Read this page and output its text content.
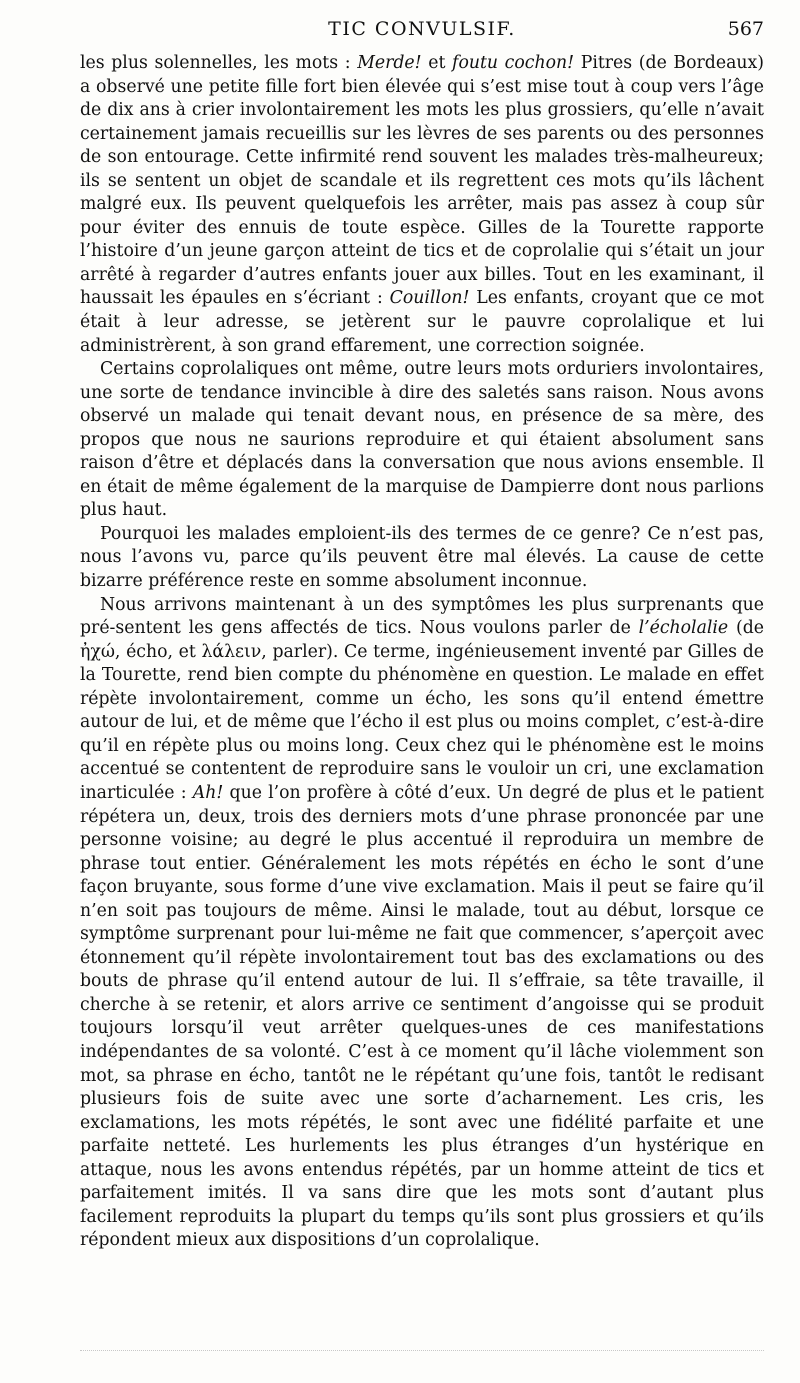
TIC CONVULSIF.	567

les plus solennelles, les mots : Merde! et foutu cochon! Pitres (de Bordeaux) a observé une petite fille fort bien élevée qui s’est mise tout à coup vers l’âge de dix ans à crier involontairement les mots les plus grossiers, qu’elle n’avait certainement jamais recueillis sur les lèvres de ses parents ou des personnes de son entourage. Cette infirmité rend souvent les malades très-malheureux; ils se sentent un objet de scandale et ils regrettent ces mots qu’ils lâchent malgré eux. Ils peuvent quelquefois les arrêter, mais pas assez à coup sûr pour éviter des ennuis de toute espèce. Gilles de la Tourette rapporte l’histoire d’un jeune garçon atteint de tics et de coprolalie qui s’était un jour arrêté à regarder d’autres enfants jouer aux billes. Tout en les examinant, il haussait les épaules en s’écriant : Couillon! Les enfants, croyant que ce mot était à leur adresse, se jetèrent sur le pauvre coprolalique et lui administrèrent, à son grand effarement, une correction soignée.

Certains coprolaliques ont même, outre leurs mots orduriers involontaires, une sorte de tendance invincible à dire des saletés sans raison. Nous avons observé un malade qui tenait devant nous, en présence de sa mère, des propos que nous ne saurions reproduire et qui étaient absolument sans raison d’être et déplacés dans la conversation que nous avions ensemble. Il en était de même également de la marquise de Dampierre dont nous parlions plus haut.

Pourquoi les malades emploient-ils des termes de ce genre? Ce n’est pas, nous l’avons vu, parce qu’ils peuvent être mal élevés. La cause de cette bizarre préférence reste en somme absolument inconnue.

Nous arrivons maintenant à un des symptômes les plus surprenants que pré-sentent les gens affectés de tics. Nous voulons parler de l’écholalie (de ἠχώ, écho, et λάλειν, parler). Ce terme, ingénieusement inventé par Gilles de la Tourette, rend bien compte du phénomène en question. Le malade en effet répète involontairement, comme un écho, les sons qu’il entend émettre autour de lui, et de même que l’écho il est plus ou moins complet, c’est-à-dire qu’il en répète plus ou moins long. Ceux chez qui le phénomène est le moins accentué se contentent de reproduire sans le vouloir un cri, une exclamation inarticulée : Ah! que l’on profère à côté d’eux. Un degré de plus et le patient répétera un, deux, trois des derniers mots d’une phrase prononcée par une personne voisine; au degré le plus accentué il reproduira un membre de phrase tout entier. Généralement les mots répétés en écho le sont d’une façon bruyante, sous forme d’une vive exclamation. Mais il peut se faire qu’il n’en soit pas toujours de même. Ainsi le malade, tout au début, lorsque ce symptôme surprenant pour lui-même ne fait que commencer, s’aperçoit avec étonnement qu’il répète involontairement tout bas des exclamations ou des bouts de phrase qu’il entend autour de lui. Il s’effraie, sa tête travaille, il cherche à se retenir, et alors arrive ce sentiment d’angoisse qui se produit toujours lorsqu’il veut arrêter quelques-unes de ces manifestations indépendantes de sa volonté. C’est à ce moment qu’il lâche violemment son mot, sa phrase en écho, tantôt ne le répétant qu’une fois, tantôt le redisant plusieurs fois de suite avec une sorte d’acharnement. Les cris, les exclamations, les mots répétés, le sont avec une fidélité parfaite et une parfaite netteté. Les hurlements les plus étranges d’un hystérique en attaque, nous les avons entendus répétés, par un homme atteint de tics et parfaitement imités. Il va sans dire que les mots sont d’autant plus facilement reproduits la plupart du temps qu’ils sont plus grossiers et qu’ils répondent mieux aux dispositions d’un coprolalique.
